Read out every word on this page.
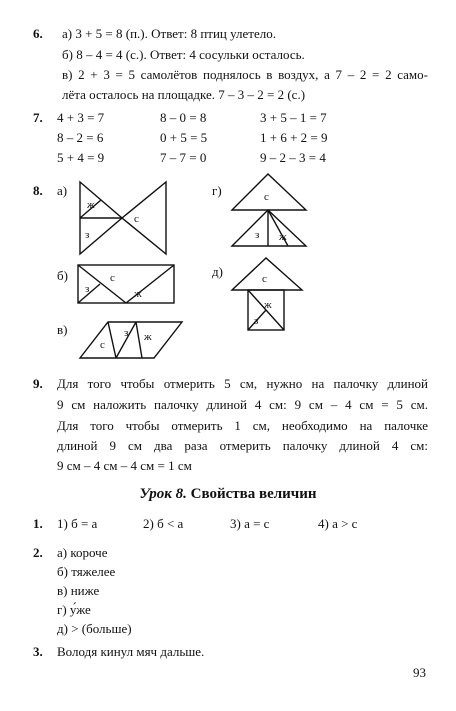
6. а) 3 + 5 = 8 (п.). Ответ: 8 птиц улетело.
б) 8 – 4 = 4 (с.). Ответ: 4 сосульки осталось.
в) 2 + 3 = 5 самолётов поднялось в воздух, а 7 – 2 = 2 само-
лёта осталось на площадке. 7 – 3 – 2 = 2 (с.)
7. 4 + 3 = 7	8 – 0 = 8	3 + 5 – 1 = 7
8 – 2 = 6	0 + 5 = 5	1 + 6 + 2 = 9
5 + 4 = 9	7 – 7 = 0	9 – 2 – 3 = 4
8. а)
б)
в)
г)
д)
ж
з
с
с
з	ж
с
з ж
с
з ж
с
ж
з
9. Для того чтобы отмерить 5 см, нужно на палочку длиной
9 см наложить палочку длиной 4 см: 9 см – 4 см = 5 см.
Для того чтобы отмерить 1 см, необходимо на палочке
длиной 9 см два раза отмерить палочку длиной 4 см:
9 см – 4 см – 4 см = 1 см
Урок 8. Свойства величин
1. 1) б = а	2) б < а	3) а = с	4) а > с
2. а) короче
б) тяжелее
в) ниже
г) у́же
д) > (больше)
3. Володя кинул мяч дальше.
93
